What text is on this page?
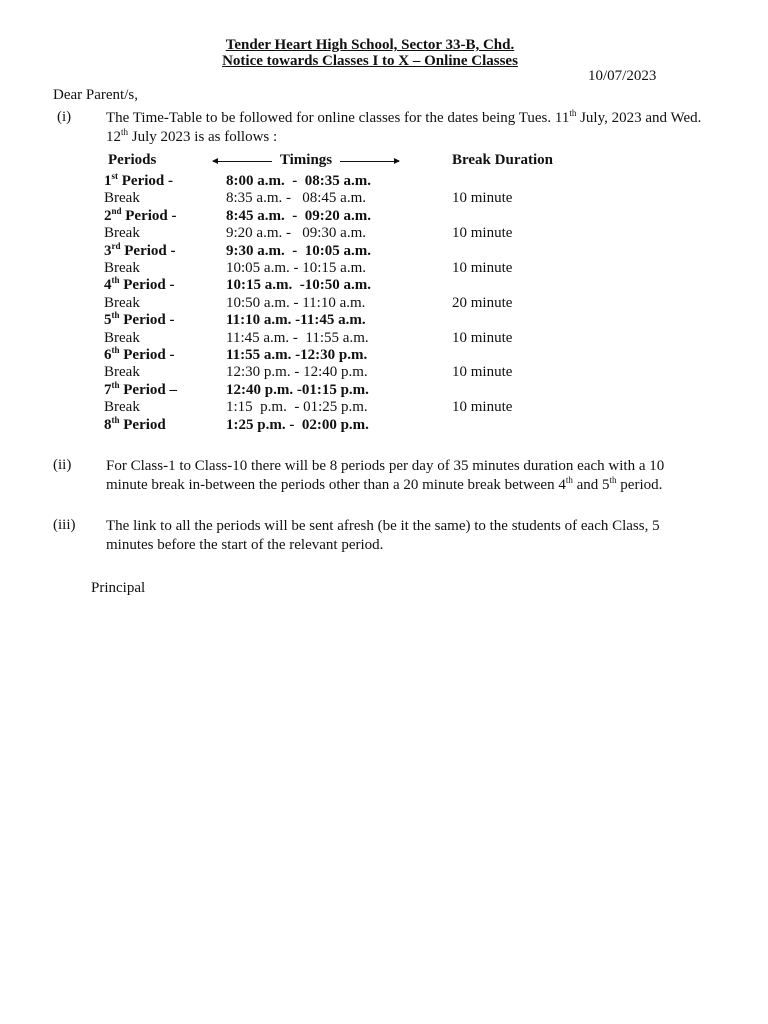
Tender Heart High School, Sector 33-B, Chd.
Notice towards Classes I to X – Online Classes
10/07/2023
Dear Parent/s,
(i) The Time-Table to be followed for online classes for the dates being Tues. 11th July, 2023 and Wed. 12th July 2023 is as follows :
Periods	Timings	Break Duration
1st Period -	8:00 a.m.  -  08:35 a.m.
Break	8:35 a.m. -   08:45 a.m.	10 minute
2nd Period -	8:45 a.m.  -  09:20 a.m.
Break	9:20 a.m. -   09:30 a.m.	10 minute
3rd Period -	9:30 a.m.  -  10:05 a.m.
Break	10:05 a.m. - 10:15 a.m.	10 minute
4th Period -	10:15 a.m.  -10:50 a.m.
Break	10:50 a.m. - 11:10 a.m.	20 minute
5th Period -	11:10 a.m. -11:45 a.m.
Break	11:45 a.m. -  11:55 a.m.	10 minute
6th Period -	11:55 a.m. -12:30 p.m.
Break	12:30 p.m. - 12:40 p.m.	10 minute
7th Period –	12:40 p.m. -01:15 p.m.
Break	1:15  p.m.  - 01:25 p.m.	10 minute
8th Period	1:25 p.m. -  02:00 p.m.
(ii) For Class-1 to Class-10 there will be 8 periods per day of 35 minutes duration each with a 10 minute break in-between the periods other than a 20 minute break between 4th and 5th period.
(iii) The link to all the periods will be sent afresh (be it the same) to the students of each Class, 5 minutes before the start of the relevant period.
Principal
